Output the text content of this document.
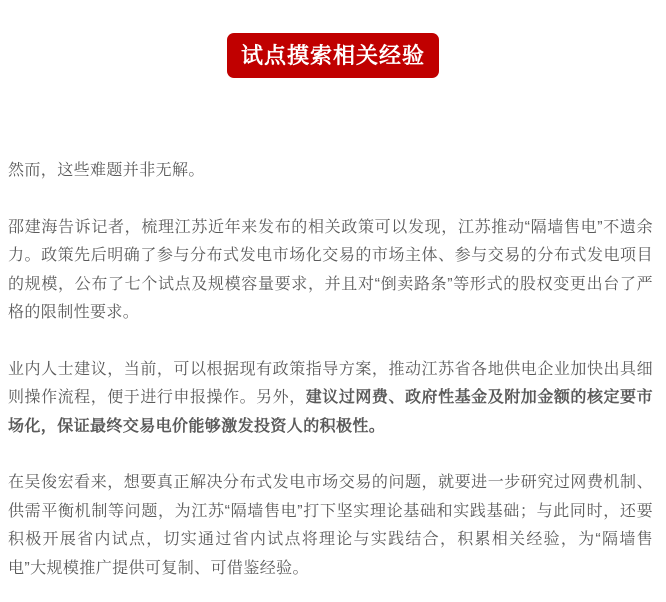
试点摸索相关经验

然而，这些难题并非无解。

邵建海告诉记者，梳理江苏近年来发布的相关政策可以发现，江苏推动“隔墙售电”不遗余力。政策先后明确了参与分布式发电市场化交易的市场主体、参与交易的分布式发电项目的规模，公布了七个试点及规模容量要求，并且对“倒卖路条”等形式的股权变更出台了严格的限制性要求。

业内人士建议，当前，可以根据现有政策指导方案，推动江苏省各地供电企业加快出具细则操作流程，便于进行申报操作。另外，建议过网费、政府性基金及附加金额的核定要市场化，保证最终交易电价能够激发投资人的积极性。

在吴俊宏看来，想要真正解决分布式发电市场交易的问题，就要进一步研究过网费机制、供需平衡机制等问题，为江苏“隔墙售电”打下坚实理论基础和实践基础；与此同时，还要积极开展省内试点，切实通过省内试点将理论与实践结合，积累相关经验，为“隔墙售电”大规模推广提供可复制、可借鉴经验。
